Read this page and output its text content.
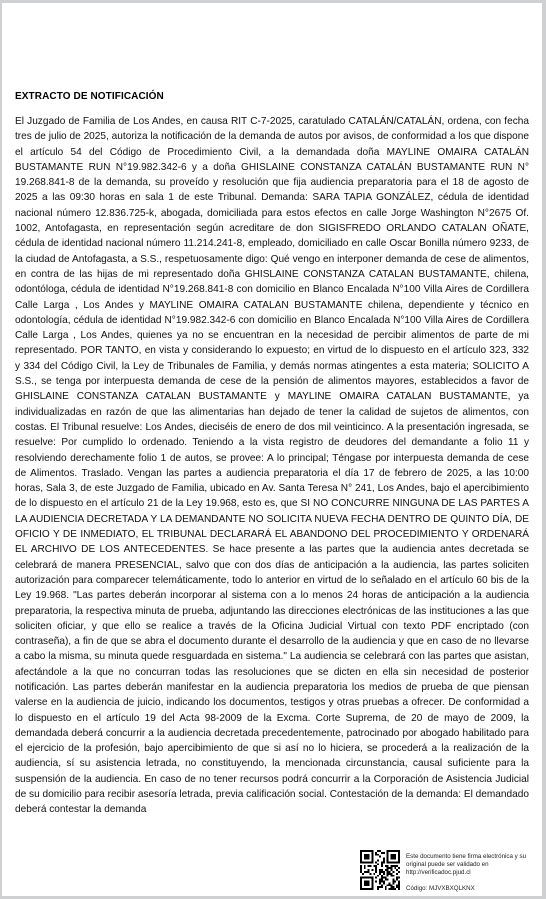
EXTRACTO DE NOTIFICACIÓN

El Juzgado de Familia de Los Andes, en causa RIT C-7-2025, caratulado CATALÁN/CATALÁN, ordena, con fecha tres de julio de 2025, autoriza la notificación de la demanda de autos por avisos, de conformidad a los que dispone el artículo 54 del Código de Procedimiento Civil, a la demandada doña MAYLINE OMAIRA CATALÁN BUSTAMANTE RUN N°19.982.342-6 y a doña GHISLAINE CONSTANZA CATALÁN BUSTAMANTE RUN N° 19.268.841-8 de la demanda, su proveído y resolución que fija audiencia preparatoria para el 18 de agosto de 2025 a las 09:30 horas en sala 1 de este Tribunal. Demanda: SARA TAPIA GONZÁLEZ, cédula de identidad nacional número 12.836.725-k, abogada, domiciliada para estos efectos en calle Jorge Washington N°2675 Of. 1002, Antofagasta, en representación según acreditare de don SIGISFREDO ORLANDO CATALAN OÑATE, cédula de identidad nacional número 11.214.241-8, empleado, domiciliado en calle Oscar Bonilla número 9233, de la ciudad de Antofagasta, a S.S., respetuosamente digo: Qué vengo en interponer demanda de cese de alimentos, en contra de las hijas de mi representado doña GHISLAINE CONSTANZA CATALAN BUSTAMANTE, chilena, odontóloga, cédula de identidad N°19.268.841-8 con domicilio en Blanco Encalada N°100 Villa Aires de Cordillera Calle Larga , Los Andes y MAYLINE OMAIRA CATALAN BUSTAMANTE chilena, dependiente y técnico en odontología, cédula de identidad N°19.982.342-6 con domicilio en Blanco Encalada N°100 Villa Aires de Cordillera Calle Larga , Los Andes, quienes ya no se encuentran en la necesidad de percibir alimentos de parte de mi representado. POR TANTO, en vista y considerando lo expuesto; en virtud de lo dispuesto en el artículo 323, 332 y 334 del Código Civil, la Ley de Tribunales de Familia, y demás normas atingentes a esta materia; SOLICITO A S.S., se tenga por interpuesta demanda de cese de la pensión de alimentos mayores, establecidos a favor de GHISLAINE CONSTANZA CATALAN BUSTAMANTE y MAYLINE OMAIRA CATALAN BUSTAMANTE, ya individualizadas en razón de que las alimentarias han dejado de tener la calidad de sujetos de alimentos, con costas. El Tribunal resuelve: Los Andes, dieciséis de enero de dos mil veinticinco. A la presentación ingresada, se resuelve: Por cumplido lo ordenado. Teniendo a la vista registro de deudores del demandante a folio 11 y resolviendo derechamente folio 1 de autos, se provee: A lo principal; Téngase por interpuesta demanda de cese de Alimentos. Traslado. Vengan las partes a audiencia preparatoria el día 17 de febrero de 2025, a las 10:00 horas, Sala 3, de este Juzgado de Familia, ubicado en Av. Santa Teresa N° 241, Los Andes, bajo el apercibimiento de lo dispuesto en el artículo 21 de la Ley 19.968, esto es, que SI NO CONCURRE NINGUNA DE LAS PARTES A LA AUDIENCIA DECRETADA Y LA DEMANDANTE NO SOLICITA NUEVA FECHA DENTRO DE QUINTO DÍA, DE OFICIO Y DE INMEDIATO, EL TRIBUNAL DECLARARÁ EL ABANDONO DEL PROCEDIMIENTO Y ORDENARÁ EL ARCHIVO DE LOS ANTECEDENTES. Se hace presente a las partes que la audiencia antes decretada se celebrará de manera PRESENCIAL, salvo que con dos días de anticipación a la audiencia, las partes soliciten autorización para comparecer telemáticamente, todo lo anterior en virtud de lo señalado en el artículo 60 bis de la Ley 19.968. "Las partes deberán incorporar al sistema con a lo menos 24 horas de anticipación a la audiencia preparatoria, la respectiva minuta de prueba, adjuntando las direcciones electrónicas de las instituciones a las que soliciten oficiar, y que ello se realice a través de la Oficina Judicial Virtual con texto PDF encriptado (con contraseña), a fin de que se abra el documento durante el desarrollo de la audiencia y que en caso de no llevarse a cabo la misma, su minuta quede resguardada en sistema." La audiencia se celebrará con las partes que asistan, afectándole a la que no concurran todas las resoluciones que se dicten en ella sin necesidad de posterior notificación. Las partes deberán manifestar en la audiencia preparatoria los medios de prueba de que piensan valerse en la audiencia de juicio, indicando los documentos, testigos y otras pruebas a ofrecer. De conformidad a lo dispuesto en el artículo 19 del Acta 98-2009 de la Excma. Corte Suprema, de 20 de mayo de 2009, la demandada deberá concurrir a la audiencia decretada precedentemente, patrocinado por abogado habilitado para el ejercicio de la profesión, bajo apercibimiento de que si así no lo hiciera, se procederá a la realización de la audiencia, sí su asistencia letrada, no constituyendo, la mencionada circunstancia, causal suficiente para la suspensión de la audiencia. En caso de no tener recursos podrá concurrir a la Corporación de Asistencia Judicial de su domicilio para recibir asesoría letrada, previa calificación social. Contestación de la demanda: El demandado deberá contestar la demanda

Este documento tiene firma electrónica y su original puede ser validado en http://verificadoc.pjud.cl

Código: MJVXBXQLKNX
